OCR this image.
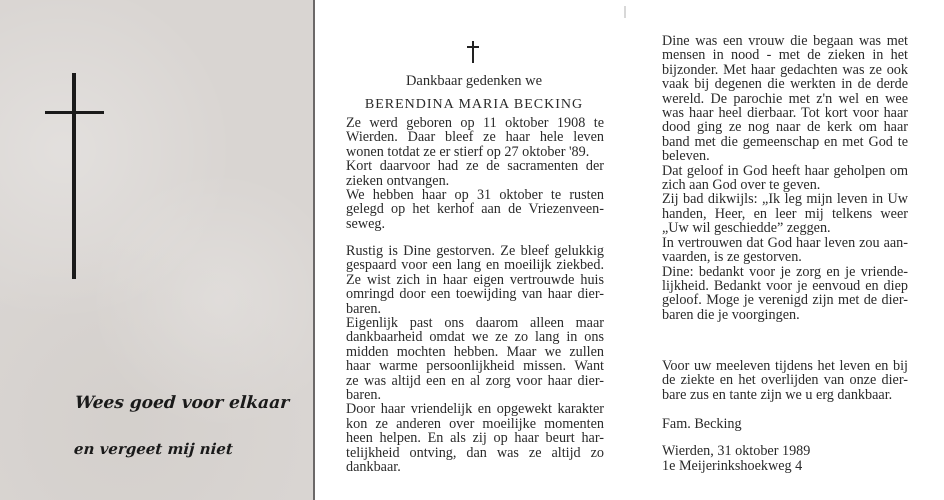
Wees goed voor elkaar
en vergeet mij niet
Dankbaar gedenken we
BERENDINA MARIA BECKING
Ze werd geboren op 11 oktober 1908 te
Wierden. Daar bleef ze haar hele leven
wonen totdat ze er stierf op 27 oktober '89.
Kort daarvoor had ze de sacramenten der
zieken ontvangen.
We hebben haar op 31 oktober te rusten
gelegd op het kerhof aan de Vriezenveen-
seweg.
Rustig is Dine gestorven. Ze bleef gelukkig
gespaard voor een lang en moeilijk ziekbed.
Ze wist zich in haar eigen vertrouwde huis
omringd door een toewijding van haar dier-
baren.
Eigenlijk past ons daarom alleen maar
dankbaarheid omdat we ze zo lang in ons
midden mochten hebben. Maar we zullen
haar warme persoonlijkheid missen. Want
ze was altijd een en al zorg voor haar dier-
baren.
Door haar vriendelijk en opgewekt karakter
kon ze anderen over moeilijke momenten
heen helpen. En als zij op haar beurt har-
telijkheid ontving, dan was ze altijd zo
dankbaar.
Dine was een vrouw die begaan was met
mensen in nood - met de zieken in het
bijzonder. Met haar gedachten was ze ook
vaak bij degenen die werkten in de derde
wereld. De parochie met z'n wel en wee
was haar heel dierbaar. Tot kort voor haar
dood ging ze nog naar de kerk om haar
band met die gemeenschap en met God te
beleven.
Dat geloof in God heeft haar geholpen om
zich aan God over te geven.
Zij bad dikwijls: „Ik leg mijn leven in Uw
handen, Heer, en leer mij telkens weer
„Uw wil geschiedde” zeggen.
In vertrouwen dat God haar leven zou aan-
vaarden, is ze gestorven.
Dine: bedankt voor je zorg en je vriende-
lijkheid. Bedankt voor je eenvoud en diep
geloof. Moge je verenigd zijn met de dier-
baren die je voorgingen.
Voor uw meeleven tijdens het leven en bij
de ziekte en het overlijden van onze dier-
bare zus en tante zijn we u erg dankbaar.
Fam. Becking
Wierden, 31 oktober 1989
1e Meijerinkshoekweg 4
